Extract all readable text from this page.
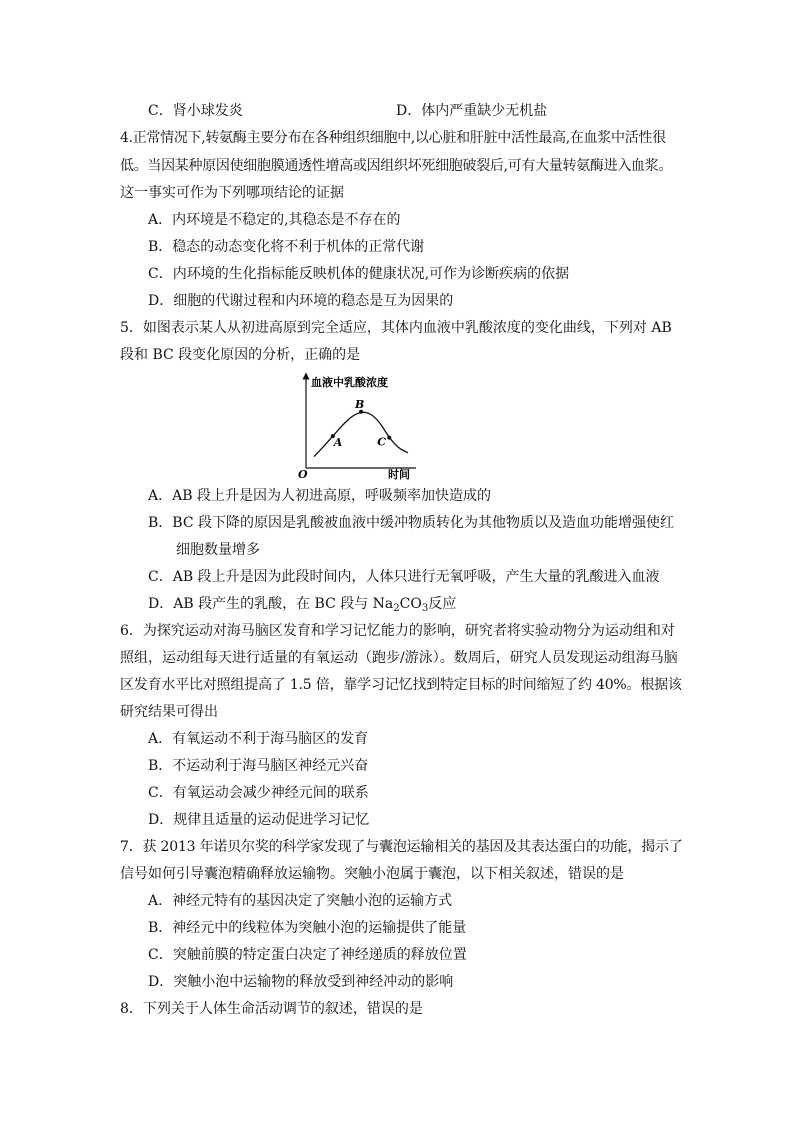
C．肾小球发炎	D．体内严重缺少无机盐
4.正常情况下,转氨酶主要分布在各种组织细胞中,以心脏和肝脏中活性最高,在血浆中活性很
低。当因某种原因使细胞膜通透性增高或因组织坏死细胞破裂后,可有大量转氨酶进入血浆。
这一事实可作为下列哪项结论的证据
A．内环境是不稳定的,其稳态是不存在的
B．稳态的动态变化将不利于机体的正常代谢
C．内环境的生化指标能反映机体的健康状况,可作为诊断疾病的依据
D．细胞的代谢过程和内环境的稳态是互为因果的
5．如图表示某人从初进高原到完全适应，其体内血液中乳酸浓度的变化曲线，下列对 AB
段和 BC 段变化原因的分析，正确的是
血液中乳酸浓度
时间
O
A
B
C
A．AB 段上升是因为人初进高原，呼吸频率加快造成的
B．BC 段下降的原因是乳酸被血液中缓冲物质转化为其他物质以及造血功能增强使红
细胞数量增多
C．AB 段上升是因为此段时间内，人体只进行无氧呼吸，产生大量的乳酸进入血液
D．AB 段产生的乳酸，在 BC 段与 $Na_2CO_3$反应
6．为探究运动对海马脑区发育和学习记忆能力的影响，研究者将实验动物分为运动组和对
照组，运动组每天进行适量的有氧运动（跑步/游泳）。数周后，研究人员发现运动组海马脑
区发育水平比对照组提高了 1.5 倍，靠学习记忆找到特定目标的时间缩短了约 40%。根据该
研究结果可得出
A．有氧运动不利于海马脑区的发育
B．不运动利于海马脑区神经元兴奋
C．有氧运动会减少神经元间的联系
D．规律且适量的运动促进学习记忆
7．获 2013 年诺贝尔奖的科学家发现了与囊泡运输相关的基因及其表达蛋白的功能，揭示了
信号如何引导囊泡精确释放运输物。突触小泡属于囊泡，以下相关叙述，错误的是
A．神经元特有的基因决定了突触小泡的运输方式
B．神经元中的线粒体为突触小泡的运输提供了能量
C．突触前膜的特定蛋白决定了神经递质的释放位置
D．突触小泡中运输物的释放受到神经冲动的影响
8．下列关于人体生命活动调节的叙述，错误的是
